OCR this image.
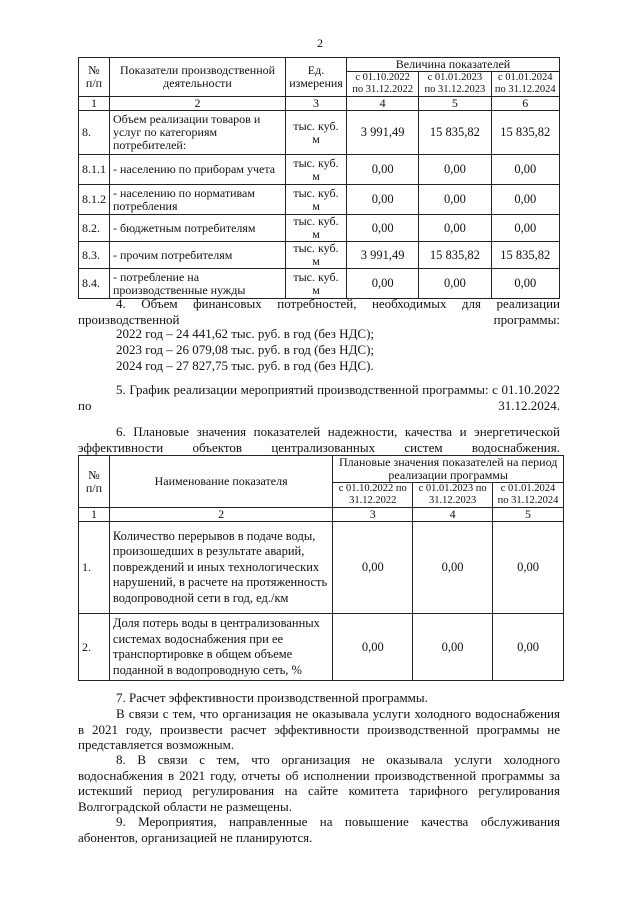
2
№ п/п	Показатели производственной деятельности	Ед. измерения	Величина показателей		
			с 01.10.2022 по 31.12.2022	с 01.01.2023 по 31.12.2023	с 01.01.2024 по 31.12.2024
1	2	3	4	5	6
8.	Объем реализации товаров и услуг по категориям потребителей:	тыс. куб. м	3 991,49	15 835,82	15 835,82
8.1.1	- населению по приборам учета	тыс. куб. м	0,00	0,00	0,00
8.1.2	- населению по нормативам потребления	тыс. куб. м	0,00	0,00	0,00
8.2.	- бюджетным потребителям	тыс. куб. м	0,00	0,00	0,00
8.3.	- прочим потребителям	тыс. куб. м	3 991,49	15 835,82	15 835,82
8.4.	- потребление на производственные нужды	тыс. куб. м	0,00	0,00	0,00

4. Объем финансовых потребностей, необходимых для реализации производственной программы:

2022 год – 24 441,62 тыс. руб. в год (без НДС);

2023 год – 26 079,08 тыс. руб. в год (без НДС);

2024 год – 27 827,75 тыс. руб. в год (без НДС).

5. График реализации мероприятий производственной программы: с 01.10.2022 по 31.12.2024.

6. Плановые значения показателей надежности, качества и энергетической эффективности объектов централизованных систем водоснабжения.

№ п/п	Наименование показателя	Плановые значения показателей на период реализации программы		
		с 01.10.2022 по 31.12.2022	с 01.01.2023 по 31.12.2023	с 01.01.2024 по 31.12.2024
1	2	3	4	5
1.	Количество перерывов в подаче воды, произошедших в результате аварий, повреждений и иных технологических нарушений, в расчете на протяженность водопроводной сети в год, ед./км	0,00	0,00	0,00
2.	Доля потерь воды в централизованных системах водоснабжения при ее транспортировке в общем объеме поданной в водопроводную сеть, %	0,00	0,00	0,00

7. Расчет эффективности производственной программы.

В связи с тем, что организация не оказывала услуги холодного водоснабжения в 2021 году, произвести расчет эффективности производственной программы не представляется возможным.

8. В связи с тем, что организация не оказывала услуги холодного водоснабжения в 2021 году, отчеты об исполнении производственной программы за истекший период регулирования на сайте комитета тарифного регулирования Волгоградской области не размещены.

9. Мероприятия, направленные на повышение качества обслуживания абонентов, организацией не планируются.
